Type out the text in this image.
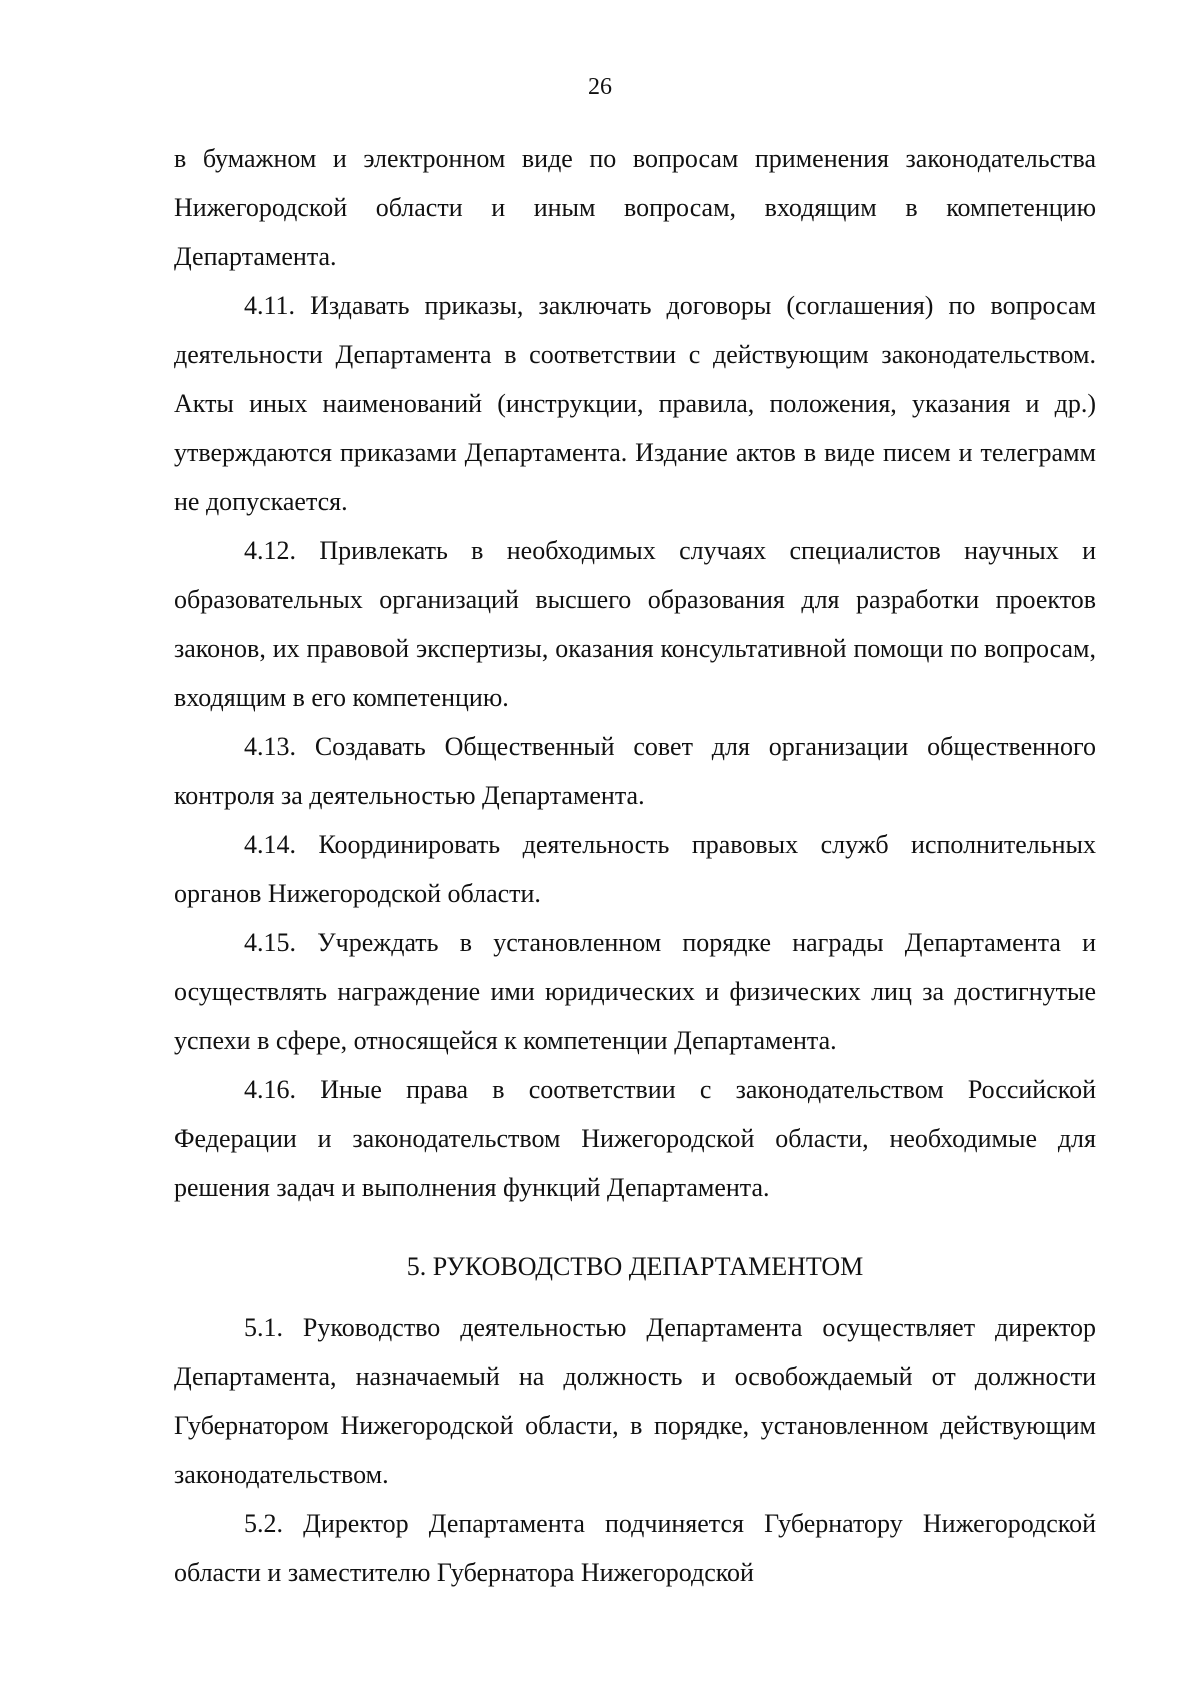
26

в бумажном и электронном виде по вопросам применения законодательства Нижегородской области и иным вопросам, входящим в компетенцию Департамента.

4.11. Издавать приказы, заключать договоры (соглашения) по вопросам деятельности Департамента в соответствии с действующим законодательством. Акты иных наименований (инструкции, правила, положения, указания и др.) утверждаются приказами Департамента. Издание актов в виде писем и телеграмм не допускается.

4.12. Привлекать в необходимых случаях специалистов научных и образовательных организаций высшего образования для разработки проектов законов, их правовой экспертизы, оказания консультативной помощи по вопросам, входящим в его компетенцию.

4.13. Создавать Общественный совет для организации общественного контроля за деятельностью Департамента.

4.14. Координировать деятельность правовых служб исполнительных органов Нижегородской области.

4.15. Учреждать в установленном порядке награды Департамента и осуществлять награждение ими юридических и физических лиц за достигнутые успехи в сфере, относящейся к компетенции Департамента.

4.16. Иные права в соответствии с законодательством Российской Федерации и законодательством Нижегородской области, необходимые для решения задач и выполнения функций Департамента.

5. РУКОВОДСТВО ДЕПАРТАМЕНТОМ

5.1. Руководство деятельностью Департамента осуществляет директор Департамента, назначаемый на должность и освобождаемый от должности Губернатором Нижегородской области, в порядке, установленном действующим законодательством.

5.2. Директор Департамента подчиняется Губернатору Нижегородской области и заместителю Губернатора Нижегородской
